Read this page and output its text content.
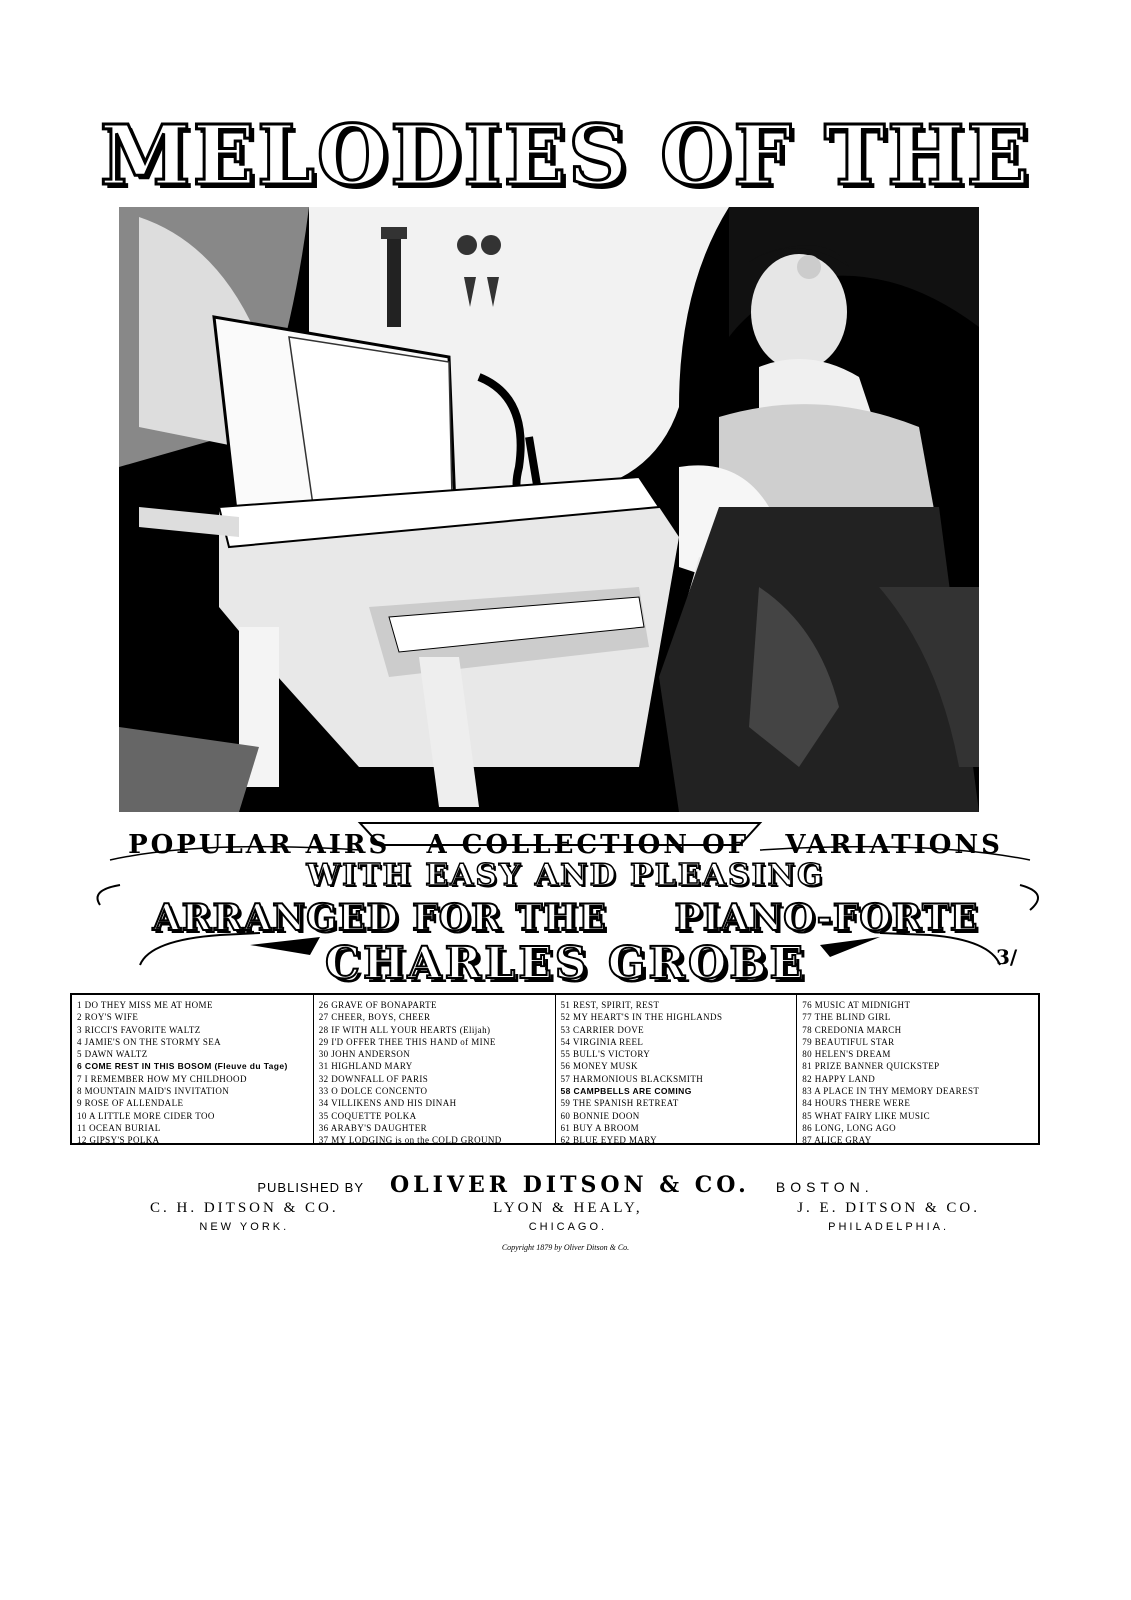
MELODIES OF THE
POPULAR AIRS A COLLECTION OF VARIATIONS
WITH EASY AND PLEASING
ARRANGED FOR THE PIANO-FORTE
CHARLES GROBE	3/
1 DO THEY MISS ME AT HOME
2 ROY'S WIFE
3 RICCI'S FAVORITE WALTZ
4 JAMIE'S ON THE STORMY SEA
5 DAWN WALTZ
6 COME REST IN THIS BOSOM (Fleuve du Tage)
7 I REMEMBER HOW MY CHILDHOOD
8 MOUNTAIN MAID'S INVITATION
9 ROSE OF ALLENDALE
10 A LITTLE MORE CIDER TOO
11 OCEAN BURIAL
12 GIPSY'S POLKA
26 GRAVE OF BONAPARTE
27 CHEER, BOYS, CHEER
28 IF WITH ALL YOUR HEARTS (Elijah)
29 I'D OFFER THEE THIS HAND of MINE
30 JOHN ANDERSON
31 HIGHLAND MARY
32 DOWNFALL OF PARIS
33 O DOLCE CONCENTO
34 VILLIKENS AND HIS DINAH
35 COQUETTE POLKA
36 ARABY'S DAUGHTER
37 MY LODGING is on the COLD GROUND
51 REST, SPIRIT, REST
52 MY HEART'S IN THE HIGHLANDS
53 CARRIER DOVE
54 VIRGINIA REEL
55 BULL'S VICTORY
56 MONEY MUSK
57 HARMONIOUS BLACKSMITH
58 CAMPBELLS ARE COMING
59 THE SPANISH RETREAT
60 BONNIE DOON
61 BUY A BROOM
62 BLUE EYED MARY
76 MUSIC AT MIDNIGHT
77 THE BLIND GIRL
78 CREDONIA MARCH
79 BEAUTIFUL STAR
80 HELEN'S DREAM
81 PRIZE BANNER QUICKSTEP
82 HAPPY LAND
83 A PLACE IN THY MEMORY DEAREST
84 HOURS THERE WERE
85 WHAT FAIRY LIKE MUSIC
86 LONG, LONG AGO
87 ALICE GRAY
PUBLISHED BY OLIVER DITSON & CO. BOSTON.
C. H. DITSON & CO.
NEW YORK.
LYON & HEALY,
CHICAGO.
J. E. DITSON & CO.
PHILADELPHIA.
Copyright 1879 by Oliver Ditson & Co.
